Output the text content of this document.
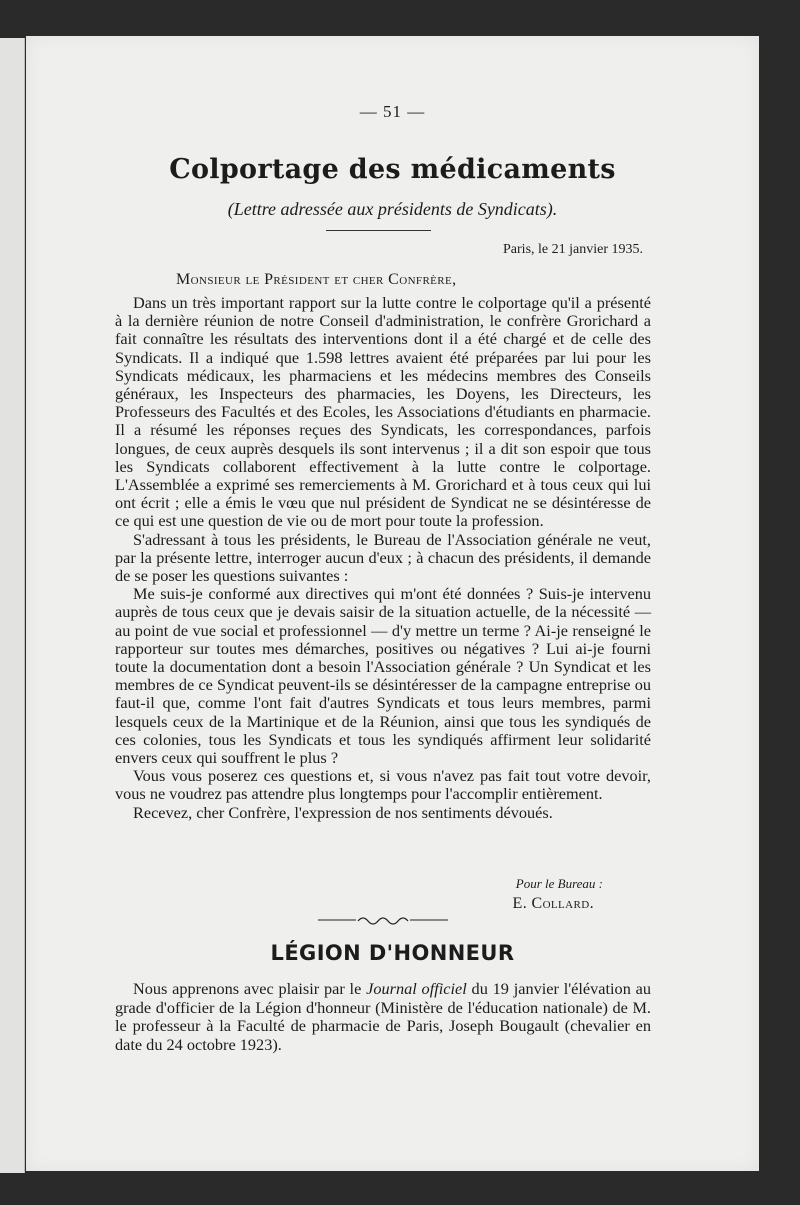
— 51 —
Colportage des médicaments
(Lettre adressée aux présidents de Syndicats).
Paris, le 21 janvier 1935.
Monsieur le Président et cher Confrère,

Dans un très important rapport sur la lutte contre le colportage qu'il a présenté à la dernière réunion de notre Conseil d'administration, le confrère Grorichard a fait connaître les résultats des interventions dont il a été chargé et de celle des Syndicats. Il a indiqué que 1.598 lettres avaient été préparées par lui pour les Syndicats médicaux, les pharmaciens et les médecins membres des Conseils généraux, les Inspecteurs des pharmacies, les Doyens, les Directeurs, les Professeurs des Facultés et des Ecoles, les Associations d'étudiants en pharmacie. Il a résumé les réponses reçues des Syndicats, les correspondances, parfois longues, de ceux auprès desquels ils sont intervenus ; il a dit son espoir que tous les Syndicats collaborent effectivement à la lutte contre le colportage. L'Assemblée a exprimé ses remerciements à M. Grorichard et à tous ceux qui lui ont écrit ; elle a émis le vœu que nul président de Syndicat ne se désintéresse de ce qui est une question de vie ou de mort pour toute la profession.

S'adressant à tous les présidents, le Bureau de l'Association générale ne veut, par la présente lettre, interroger aucun d'eux ; à chacun des présidents, il demande de se poser les questions suivantes :

Me suis-je conformé aux directives qui m'ont été données ? Suis-je intervenu auprès de tous ceux que je devais saisir de la situation actuelle, de la nécessité — au point de vue social et professionnel — d'y mettre un terme ? Ai-je renseigné le rapporteur sur toutes mes démarches, positives ou négatives ? Lui ai-je fourni toute la documentation dont a besoin l'Association générale ? Un Syndicat et les membres de ce Syndicat peuvent-ils se désintéresser de la campagne entreprise ou faut-il que, comme l'ont fait d'autres Syndicats et tous leurs membres, parmi lesquels ceux de la Martinique et de la Réunion, ainsi que tous les syndiqués de ces colonies, tous les Syndicats et tous les syndiqués affirment leur solidarité envers ceux qui souffrent le plus ?

Vous vous poserez ces questions et, si vous n'avez pas fait tout votre devoir, vous ne voudrez pas attendre plus longtemps pour l'accomplir entièrement.

Recevez, cher Confrère, l'expression de nos sentiments dévoués.

Pour le Bureau :
E. Collard.
LÉGION D'HONNEUR

Nous apprenons avec plaisir par le Journal officiel du 19 janvier l'élévation au grade d'officier de la Légion d'honneur (Ministère de l'éducation nationale) de M. le professeur à la Faculté de pharmacie de Paris, Joseph Bougault (chevalier en date du 24 octobre 1923).
